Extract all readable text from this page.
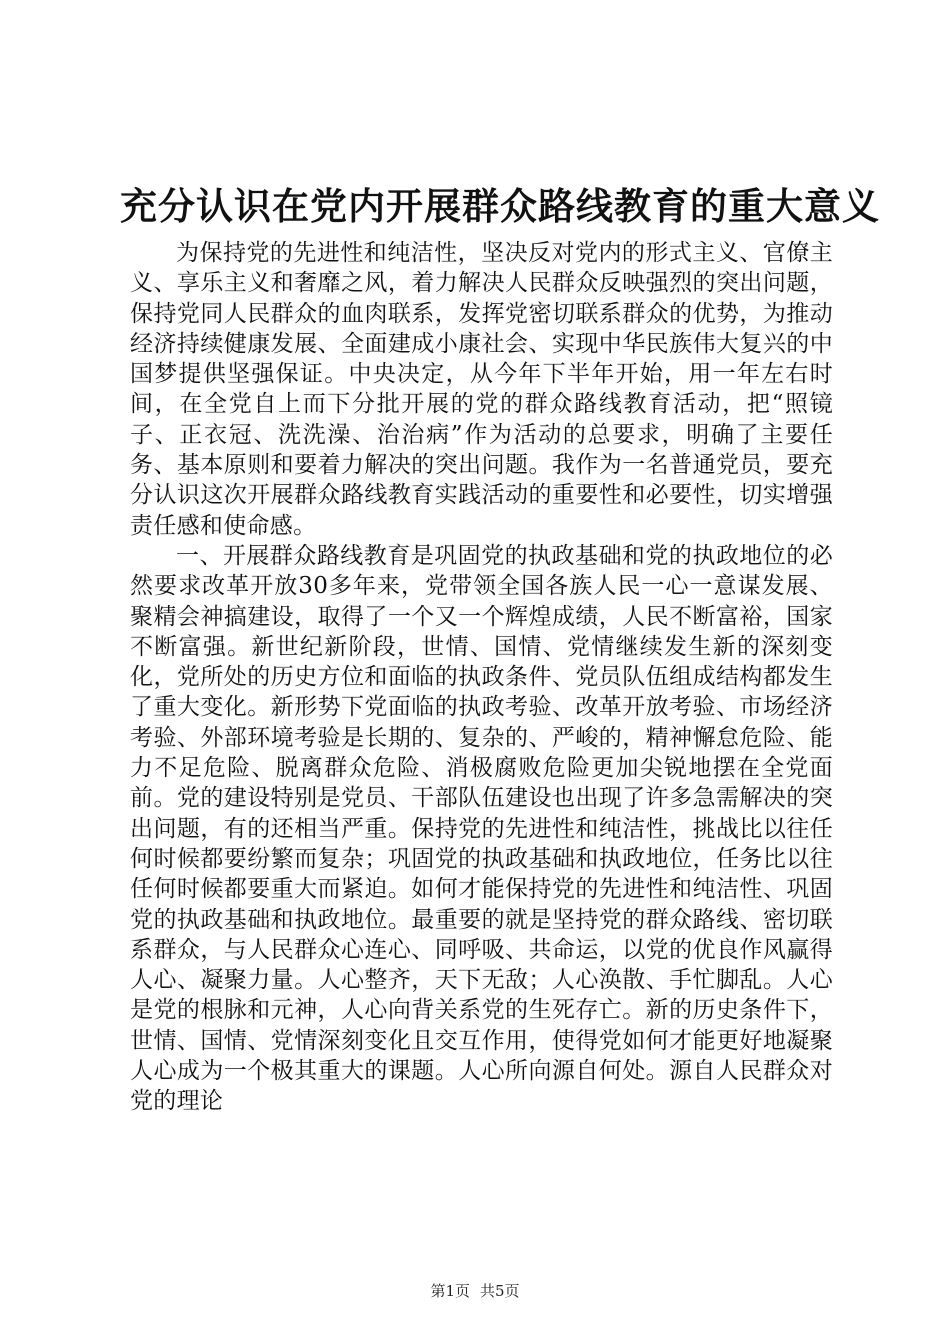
充分认识在党内开展群众路线教育的重大意义

为保持党的先进性和纯洁性，坚决反对党内的形式主义、官僚主义、享乐主义和奢靡之风，着力解决人民群众反映强烈的突出问题，保持党同人民群众的血肉联系，发挥党密切联系群众的优势，为推动经济持续健康发展、全面建成小康社会、实现中华民族伟大复兴的中国梦提供坚强保证。中央决定，从今年下半年开始，用一年左右时间，在全党自上而下分批开展的党的群众路线教育活动，把“照镜子、正衣冠、洗洗澡、治治病”作为活动的总要求，明确了主要任务、基本原则和要着力解决的突出问题。我作为一名普通党员，要充分认识这次开展群众路线教育实践活动的重要性和必要性，切实增强责任感和使命感。

一、开展群众路线教育是巩固党的执政基础和党的执政地位的必然要求改革开放30多年来，党带领全国各族人民一心一意谋发展、聚精会神搞建设，取得了一个又一个辉煌成绩，人民不断富裕，国家不断富强。新世纪新阶段，世情、国情、党情继续发生新的深刻变化，党所处的历史方位和面临的执政条件、党员队伍组成结构都发生了重大变化。新形势下党面临的执政考验、改革开放考验、市场经济考验、外部环境考验是长期的、复杂的、严峻的，精神懈怠危险、能力不足危险、脱离群众危险、消极腐败危险更加尖锐地摆在全党面前。党的建设特别是党员、干部队伍建设也出现了许多急需解决的突出问题，有的还相当严重。保持党的先进性和纯洁性，挑战比以往任何时候都要纷繁而复杂；巩固党的执政基础和执政地位，任务比以往任何时候都要重大而紧迫。如何才能保持党的先进性和纯洁性、巩固党的执政基础和执政地位。最重要的就是坚持党的群众路线、密切联系群众，与人民群众心连心、同呼吸、共命运，以党的优良作风赢得人心、凝聚力量。人心整齐，天下无敌；人心涣散、手忙脚乱。人心是党的根脉和元神，人心向背关系党的生死存亡。新的历史条件下，世情、国情、党情深刻变化且交互作用，使得党如何才能更好地凝聚人心成为一个极其重大的课题。人心所向源自何处。源自人民群众对党的理论

第1页 共5页
